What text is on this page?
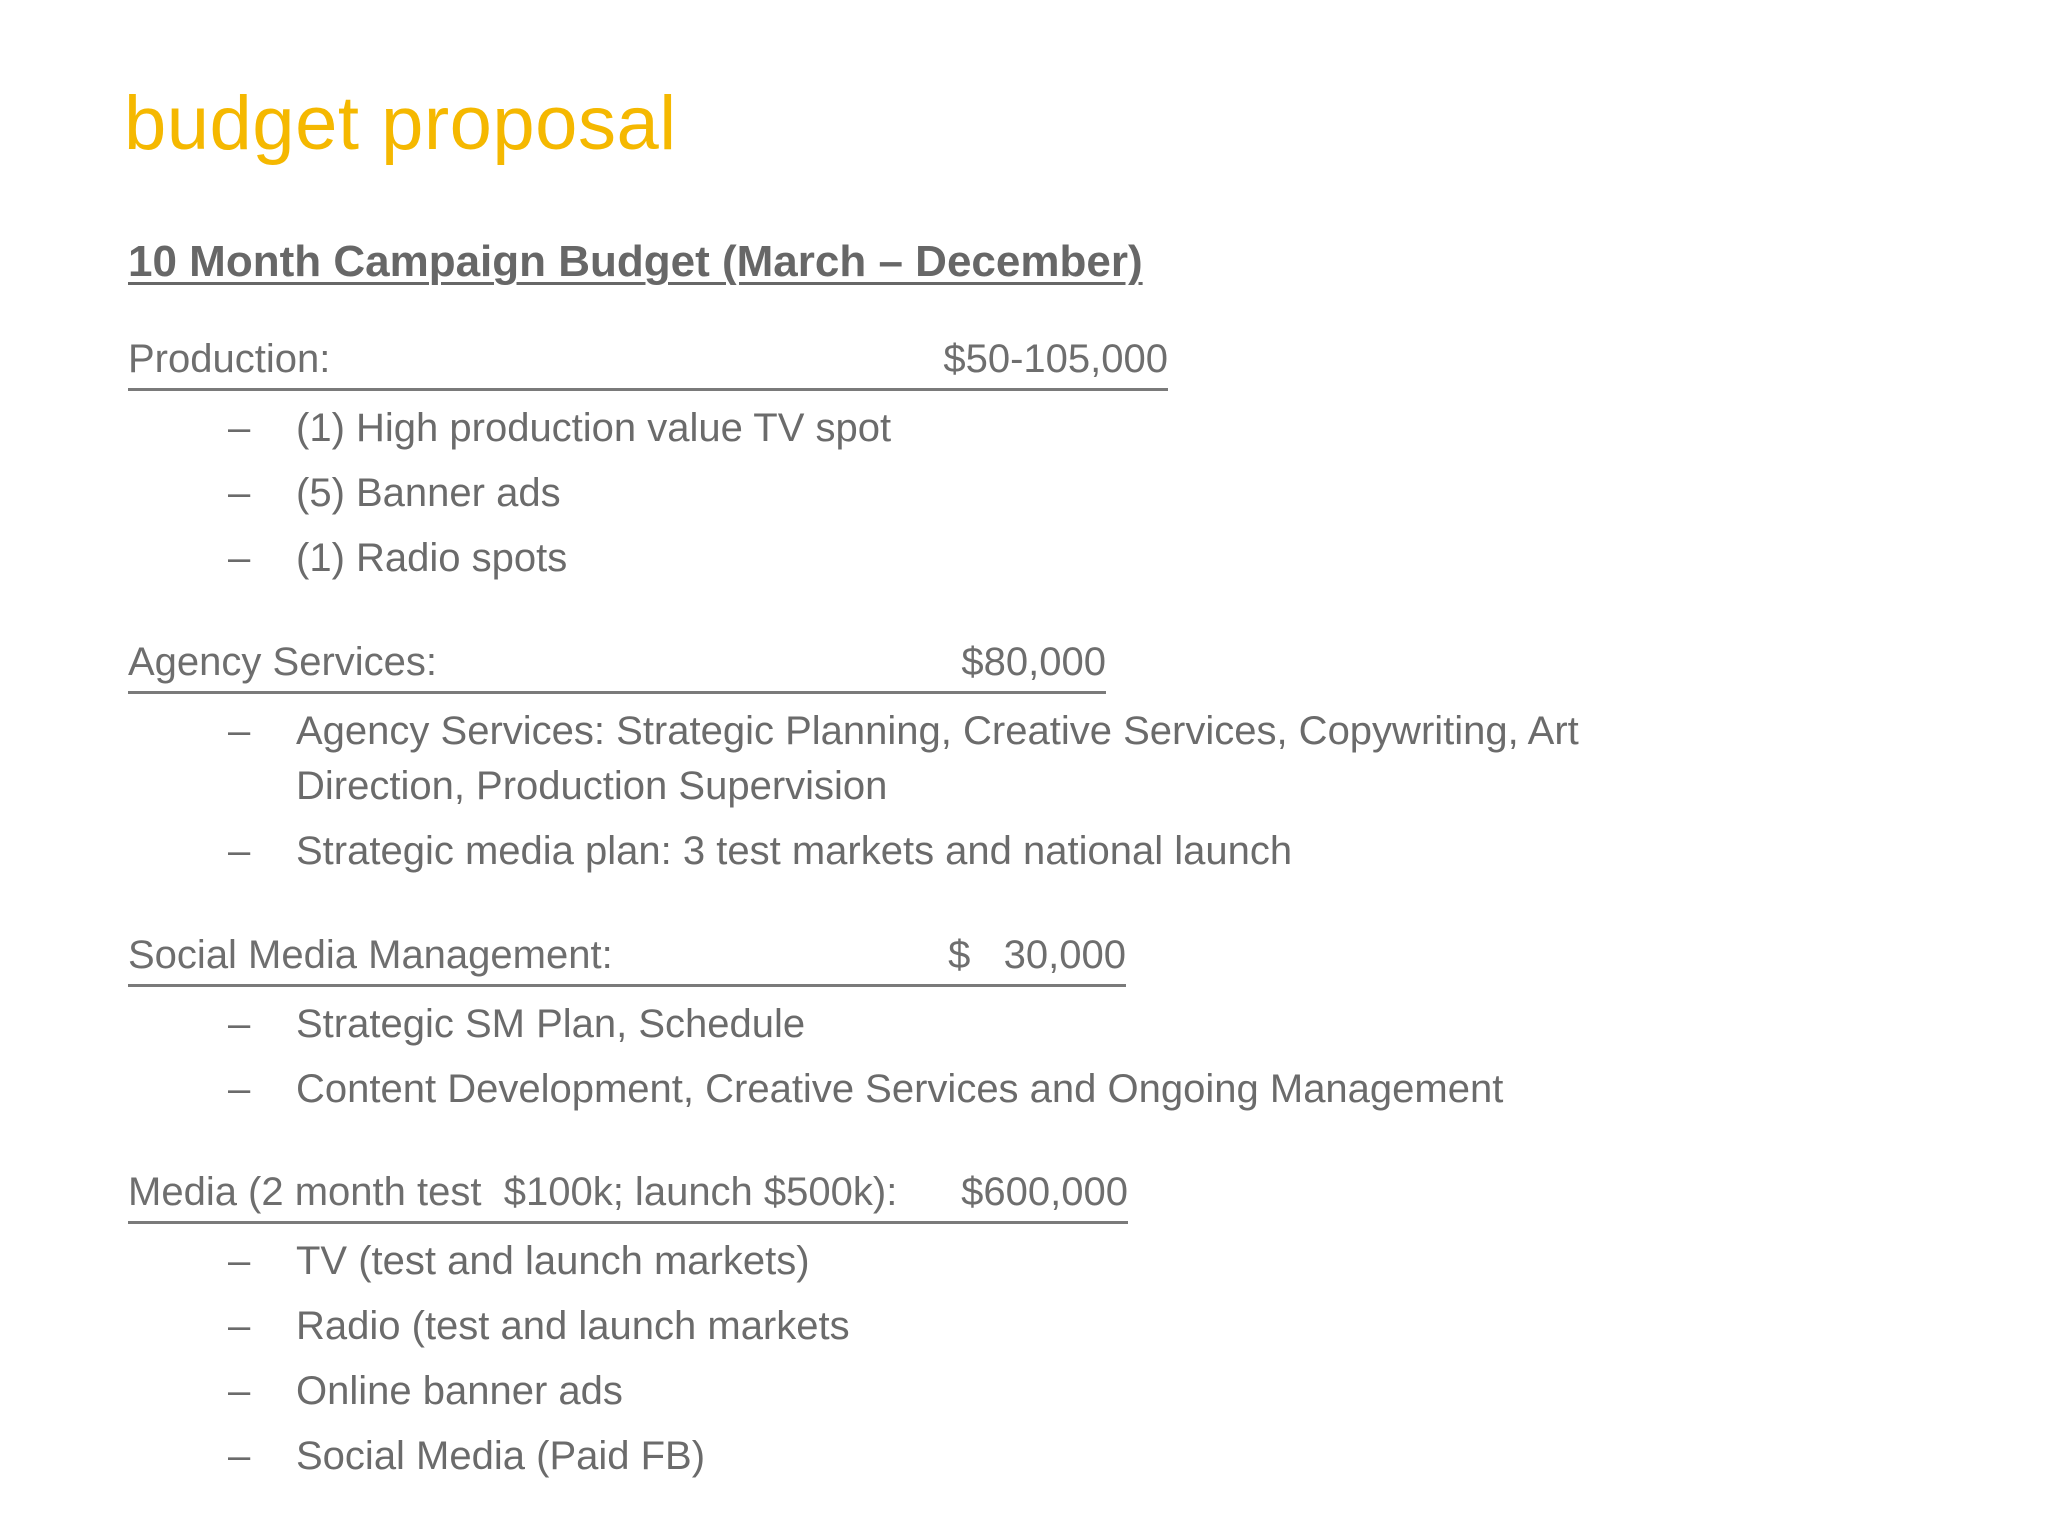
budget proposal
10 Month Campaign Budget (March – December)
Production:	$50-105,000
– (1) High production value TV spot
– (5) Banner ads
– (1) Radio spots
Agency Services:	$80,000
– Agency Services: Strategic Planning, Creative Services, Copywriting, Art Direction, Production Supervision
– Strategic media plan: 3 test markets and national launch
Social Media Management:	$   30,000
– Strategic SM Plan, Schedule
– Content Development, Creative Services and Ongoing Management
Media (2 month test  $100k; launch $500k): $600,000
– TV (test and launch markets)
– Radio (test and launch markets
– Online banner ads
– Social Media (Paid FB)
